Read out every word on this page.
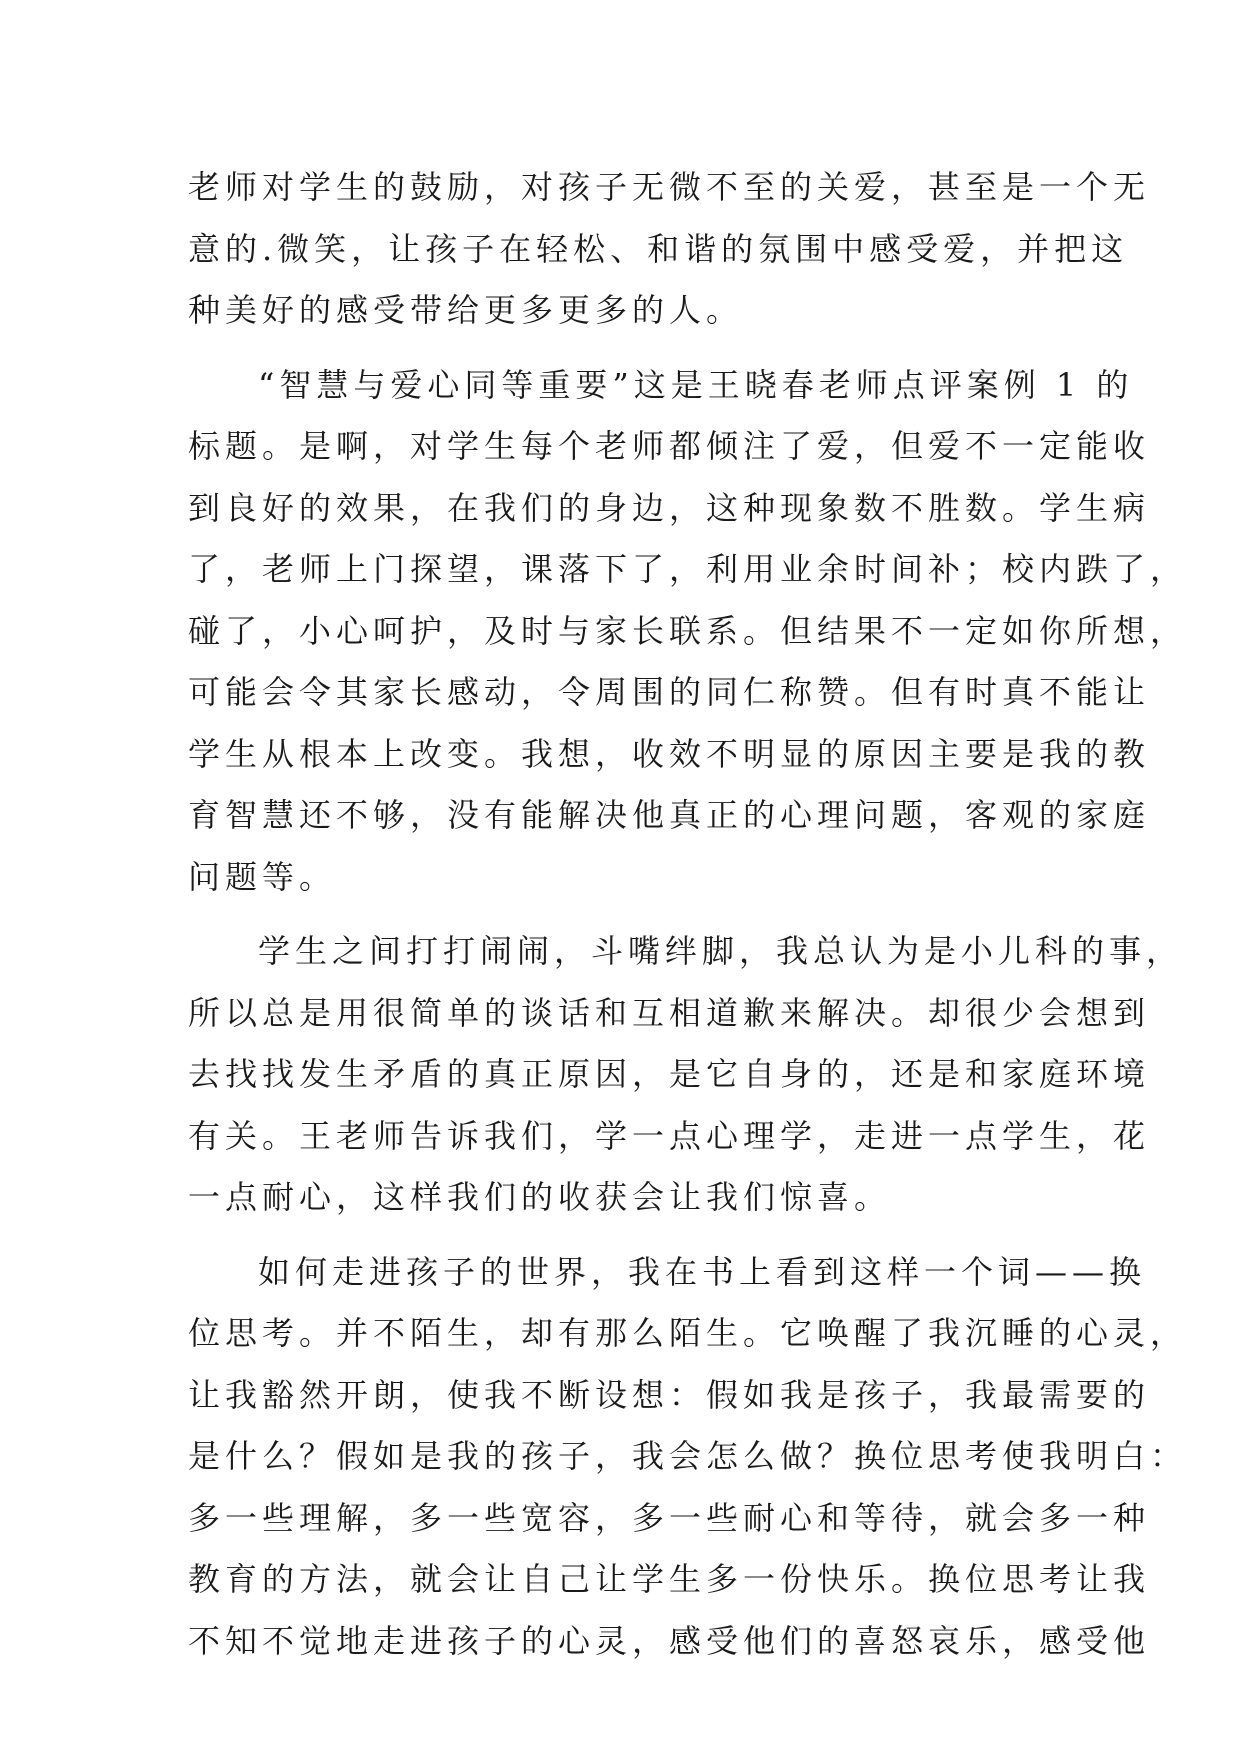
老师对学生的鼓励，对孩子无微不至的关爱，甚至是一个无
意的.微笑，让孩子在轻松、和谐的氛围中感受爱，并把这
种美好的感受带给更多更多的人。
“智慧与爱心同等重要”这是王晓春老师点评案例 1 的
标题。是啊，对学生每个老师都倾注了爱，但爱不一定能收
到良好的效果，在我们的身边，这种现象数不胜数。学生病
了，老师上门探望，课落下了，利用业余时间补；校内跌了，
碰了，小心呵护，及时与家长联系。但结果不一定如你所想，
可能会令其家长感动，令周围的同仁称赞。但有时真不能让
学生从根本上改变。我想，收效不明显的原因主要是我的教
育智慧还不够，没有能解决他真正的心理问题，客观的家庭
问题等。
学生之间打打闹闹，斗嘴绊脚，我总认为是小儿科的事，
所以总是用很简单的谈话和互相道歉来解决。却很少会想到
去找找发生矛盾的真正原因，是它自身的，还是和家庭环境
有关。王老师告诉我们，学一点心理学，走进一点学生，花
一点耐心，这样我们的收获会让我们惊喜。
如何走进孩子的世界，我在书上看到这样一个词——换
位思考。并不陌生，却有那么陌生。它唤醒了我沉睡的心灵，
让我豁然开朗，使我不断设想：假如我是孩子，我最需要的
是什么？假如是我的孩子，我会怎么做？换位思考使我明白：
多一些理解，多一些宽容，多一些耐心和等待，就会多一种
教育的方法，就会让自己让学生多一份快乐。换位思考让我
不知不觉地走进孩子的心灵，感受他们的喜怒哀乐，感受他
